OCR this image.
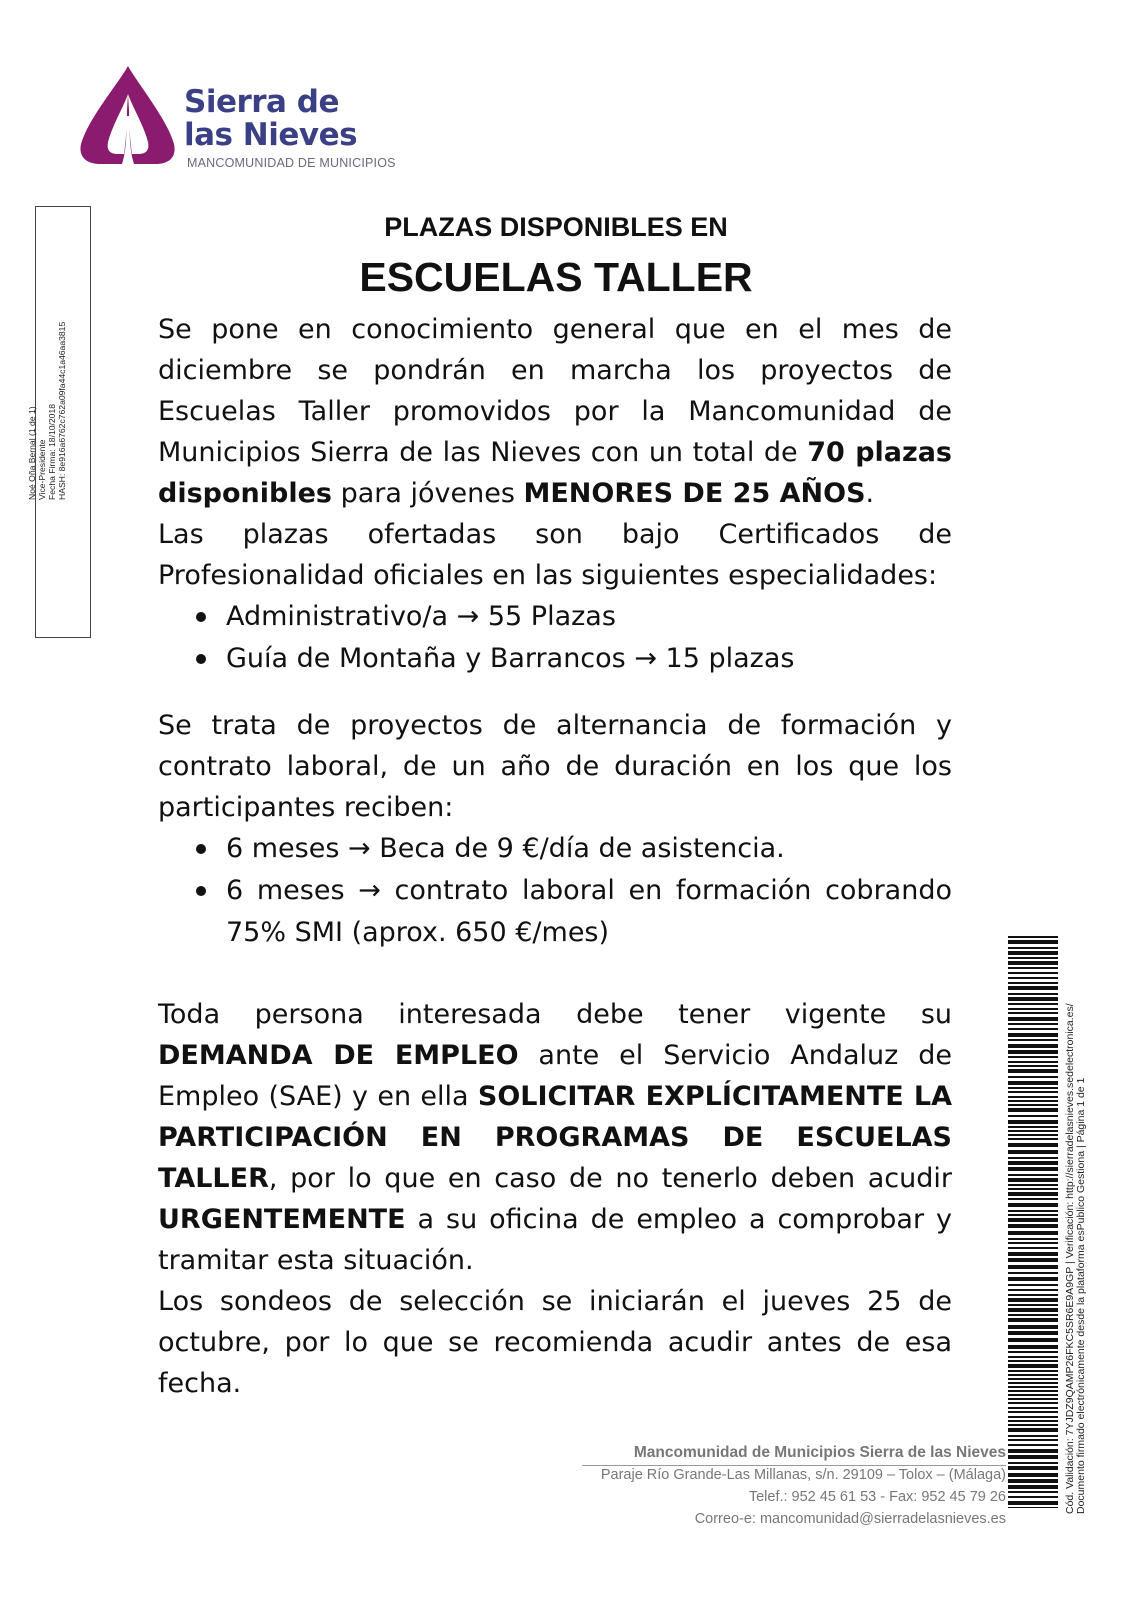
Sierra de
las Nieves
MANCOMUNIDAD DE MUNICIPIOS
Noé Oña Bernal (1 de 1) Vice-Presidente Fecha Firma: 18/10/2018 HASH: 8e916a6762c762a09fa44c1a46aa3815
PLAZAS DISPONIBLES EN
ESCUELAS TALLER

Se pone en conocimiento general que en el mes de diciembre se pondrán en marcha los proyectos de Escuelas Taller promovidos por la Mancomunidad de Municipios Sierra de las Nieves con un total de 70 plazas disponibles para jóvenes MENORES DE 25 AÑOS.

Las plazas ofertadas son bajo Certificados de Profesionalidad oficiales en las siguientes especialidades:

Administrativo/a → 55 Plazas
Guía de Montaña y Barrancos → 15 plazas

Se trata de proyectos de alternancia de formación y contrato laboral, de un año de duración en los que los participantes reciben:

6 meses → Beca de 9 €/día de asistencia.
6 meses → contrato laboral en formación cobrando 75% SMI (aprox. 650 €/mes)

Toda persona interesada debe tener vigente su DEMANDA DE EMPLEO ante el Servicio Andaluz de Empleo (SAE) y en ella SOLICITAR EXPLÍCITAMENTE LA PARTICIPACIÓN EN PROGRAMAS DE ESCUELAS TALLER, por lo que en caso de no tenerlo deben acudir URGENTEMENTE a su oficina de empleo a comprobar y tramitar esta situación.

Los sondeos de selección se iniciarán el jueves 25 de octubre, por lo que se recomienda acudir antes de esa fecha.

Mancomunidad de Municipios Sierra de las Nieves
Paraje Río Grande-Las Millanas, s/n. 29109 – Tolox – (Málaga)
Telef.: 952 45 61 53 - Fax: 952 45 79 26
Correo-e: mancomunidad@sierradelasnieves.es
Cód. Validación: 7YJDZ9QAMP26FKC5SR6E9A9GP | Verificación: http://sierradelasnieves.sedelectronica.es/ Documento firmado electrónicamente desde la plataforma esPublico Gestiona | Página 1 de 1
